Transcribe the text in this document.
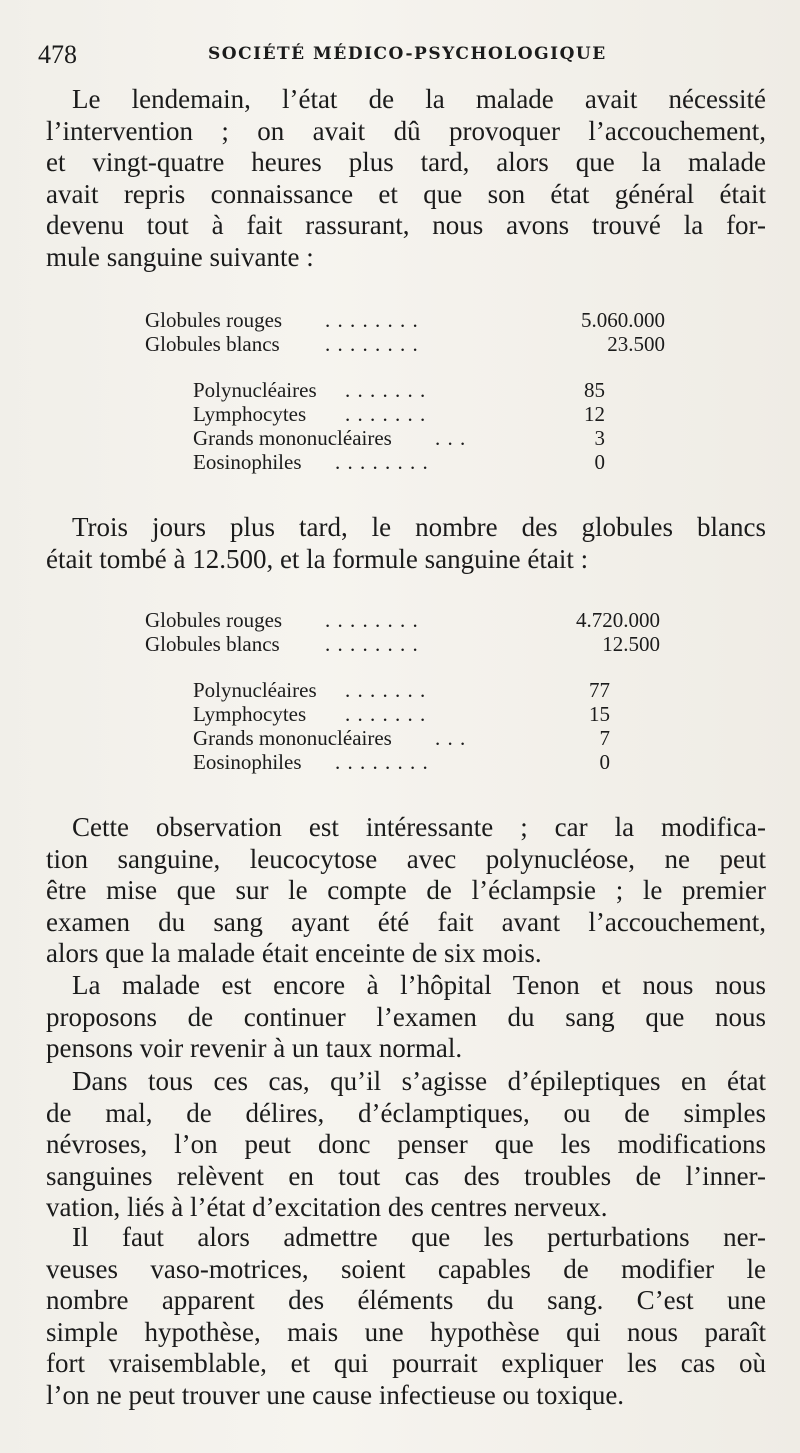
478	SOCIÉTÉ MÉDICO-PSYCHOLOGIQUE
Le lendemain, l’état de la malade avait nécessité
l’intervention ; on avait dû provoquer l’accouchement,
et vingt-quatre heures plus tard, alors que la malade
avait repris connaissance et que son état général était
devenu tout à fait rassurant, nous avons trouvé la for-
mule sanguine suivante :
Globules rouges . . . . . . . .	5.060.000
Globules blancs . . . . . . . .	23.500
Polynucléaires . . . . . . .	85
Lymphocytes . . . . . . .	12
Grands mononucléaires . . .	3
Eosinophiles . . . . . . . .	0
Trois jours plus tard, le nombre des globules blancs
était tombé à 12.500, et la formule sanguine était :
Globules rouges . . . . . . . .	4.720.000
Globules blancs . . . . . . . .	12.500
Polynucléaires . . . . . . .	77
Lymphocytes . . . . . . .	15
Grands mononucléaires . . .	7
Eosinophiles . . . . . . . .	0
Cette observation est intéressante ; car la modifica-
tion sanguine, leucocytose avec polynucléose, ne peut
être mise que sur le compte de l’éclampsie ; le premier
examen du sang ayant été fait avant l’accouchement,
alors que la malade était enceinte de six mois.
La malade est encore à l’hôpital Tenon et nous nous
proposons de continuer l’examen du sang que nous
pensons voir revenir à un taux normal.
Dans tous ces cas, qu’il s’agisse d’épileptiques en état
de mal, de délires, d’éclamptiques, ou de simples
névroses, l’on peut donc penser que les modifications
sanguines relèvent en tout cas des troubles de l’inner-
vation, liés à l’état d’excitation des centres nerveux.
Il faut alors admettre que les perturbations ner-
veuses vaso-motrices, soient capables de modifier le
nombre apparent des éléments du sang. C’est une
simple hypothèse, mais une hypothèse qui nous paraît
fort vraisemblable, et qui pourrait expliquer les cas où
l’on ne peut trouver une cause infectieuse ou toxique.
